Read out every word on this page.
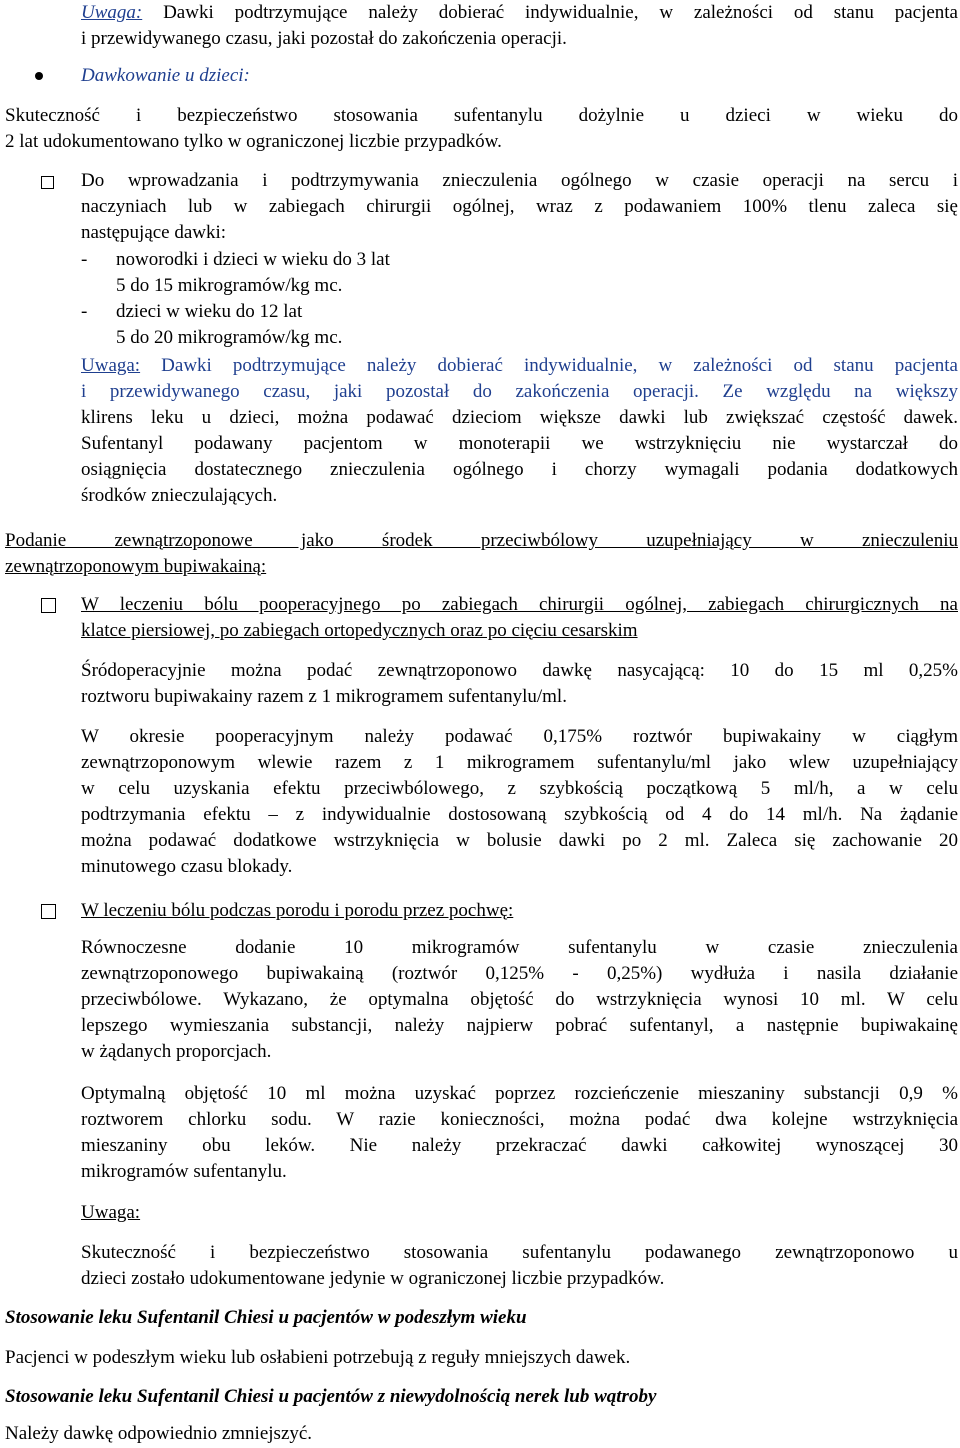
Uwaga: Dawki podtrzymujące należy dobierać indywidualnie, w zależności od stanu pacjenta

i przewidywanego czasu, jaki pozostał do zakończenia operacji.

Dawkowanie u dzieci:

Skuteczność i bezpieczeństwo stosowania sufentanylu dożylnie u dzieci w wieku do

2 lat udokumentowano tylko w ograniczonej liczbie przypadków.

Do wprowadzania i podtrzymywania znieczulenia ogólnego w czasie operacji na sercu i

naczyniach lub w zabiegach chirurgii ogólnej, wraz z podawaniem 100% tlenu zaleca się

następujące dawki:

- noworodki i dzieci w wieku do 3 lat

5 do 15 mikrogramów/kg mc.

- dzieci w wieku do 12 lat

5 do 20 mikrogramów/kg mc.

Uwaga: Dawki podtrzymujące należy dobierać indywidualnie, w zależności od stanu pacjenta

i przewidywanego czasu, jaki pozostał do zakończenia operacji. Ze względu na większy

klirens leku u dzieci, można podawać dzieciom większe dawki lub zwiększać częstość dawek.

Sufentanyl podawany pacjentom w monoterapii we wstrzyknięciu nie wystarczał do

osiągnięcia dostatecznego znieczulenia ogólnego i chorzy wymagali podania dodatkowych

środków znieczulających.

Podanie zewnątrzoponowe jako środek przeciwbólowy uzupełniający w znieczuleniu

zewnątrzoponowym bupiwakainą:

W leczeniu bólu pooperacyjnego po zabiegach chirurgii ogólnej, zabiegach chirurgicznych na

klatce piersiowej, po zabiegach ortopedycznych oraz po cięciu cesarskim

Śródoperacyjnie można podać zewnątrzoponowo dawkę nasycającą: 10 do 15 ml 0,25%

roztworu bupiwakainy razem z 1 mikrogramem sufentanylu/ml.

W okresie pooperacyjnym należy podawać 0,175% roztwór bupiwakainy w ciągłym

zewnątrzoponowym wlewie razem z 1 mikrogramem sufentanylu/ml jako wlew uzupełniający

w celu uzyskania efektu przeciwbólowego, z szybkością początkową 5 ml/h, a w celu

podtrzymania efektu – z indywidualnie dostosowaną szybkością od 4 do 14 ml/h. Na żądanie

można podawać dodatkowe wstrzyknięcia w bolusie dawki po 2 ml. Zaleca się zachowanie 20

minutowego czasu blokady.

W leczeniu bólu podczas porodu i porodu przez pochwę:

Równoczesne dodanie 10 mikrogramów sufentanylu w czasie znieczulenia

zewnątrzoponowego bupiwakainą (roztwór 0,125% - 0,25%) wydłuża i nasila działanie

przeciwbólowe. Wykazano, że optymalna objętość do wstrzyknięcia wynosi 10 ml. W celu

lepszego wymieszania substancji, należy najpierw pobrać sufentanyl, a następnie bupiwakainę

w żądanych proporcjach.

Optymalną objętość 10 ml można uzyskać poprzez rozcieńczenie mieszaniny substancji 0,9 %

roztworem chlorku sodu. W razie konieczności, można podać dwa kolejne wstrzyknięcia

mieszaniny obu leków. Nie należy przekraczać dawki całkowitej wynoszącej 30

mikrogramów sufentanylu.

Uwaga:

Skuteczność i bezpieczeństwo stosowania sufentanylu podawanego zewnątrzoponowo u

dzieci zostało udokumentowane jedynie w ograniczonej liczbie przypadków.

Stosowanie leku Sufentanil Chiesi u pacjentów w podeszłym wieku

Pacjenci w podeszłym wieku lub osłabieni potrzebują z reguły mniejszych dawek.

Stosowanie leku Sufentanil Chiesi u pacjentów z niewydolnością nerek lub wątroby

Należy dawkę odpowiednio zmniejszyć.
